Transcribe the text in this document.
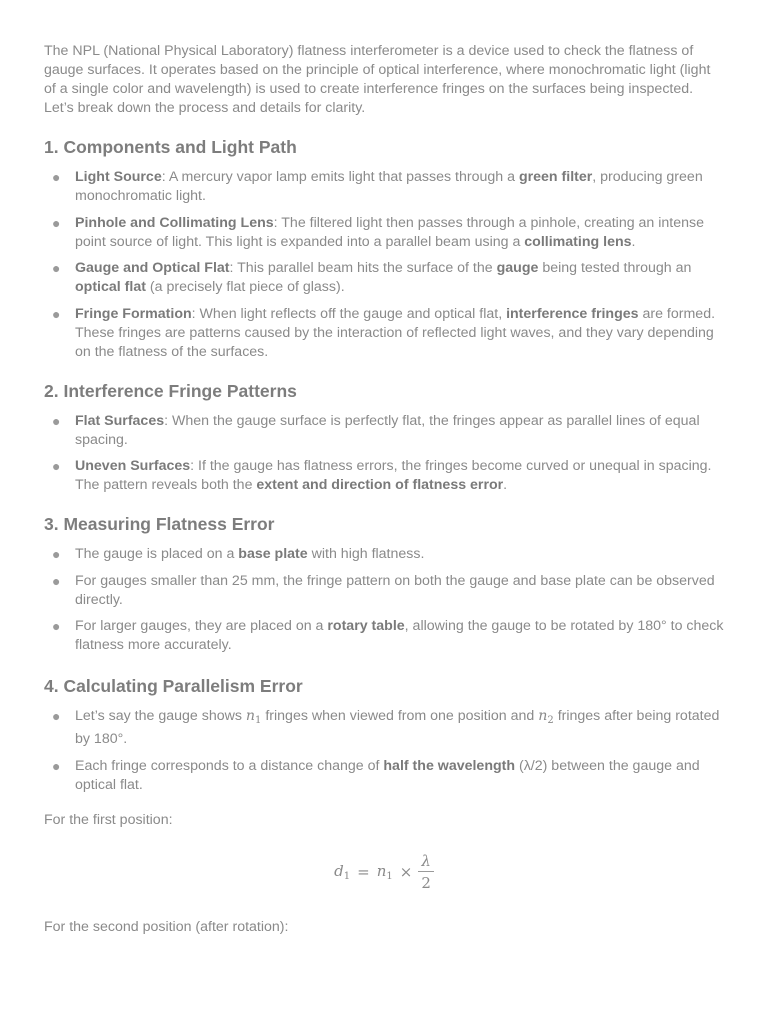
The NPL (National Physical Laboratory) flatness interferometer is a device used to check the flatness of gauge surfaces. It operates based on the principle of optical interference, where monochromatic light (light of a single color and wavelength) is used to create interference fringes on the surfaces being inspected. Let’s break down the process and details for clarity.

1. Components and Light Path
● Light Source: A mercury vapor lamp emits light that passes through a green filter, producing green monochromatic light.
● Pinhole and Collimating Lens: The filtered light then passes through a pinhole, creating an intense point source of light. This light is expanded into a parallel beam using a collimating lens.
● Gauge and Optical Flat: This parallel beam hits the surface of the gauge being tested through an optical flat (a precisely flat piece of glass).
● Fringe Formation: When light reflects off the gauge and optical flat, interference fringes are formed. These fringes are patterns caused by the interaction of reflected light waves, and they vary depending on the flatness of the surfaces.
2. Interference Fringe Patterns
● Flat Surfaces: When the gauge surface is perfectly flat, the fringes appear as parallel lines of equal spacing.
● Uneven Surfaces: If the gauge has flatness errors, the fringes become curved or unequal in spacing. The pattern reveals both the extent and direction of flatness error.
3. Measuring Flatness Error
● The gauge is placed on a base plate with high flatness.
● For gauges smaller than 25 mm, the fringe pattern on both the gauge and base plate can be observed directly.
● For larger gauges, they are placed on a rotary table, allowing the gauge to be rotated by 180° to check flatness more accurately.
4. Calculating Parallelism Error
● Let’s say the gauge shows $n_1$ fringes when viewed from one position and $n_2$ fringes after being rotated by 180°.
● Each fringe corresponds to a distance change of half the wavelength (λ/2) between the gauge and optical flat.

For the first position:

$d_1 = n_1 \times \frac{\lambda}{2}$

For the second position (after rotation):
